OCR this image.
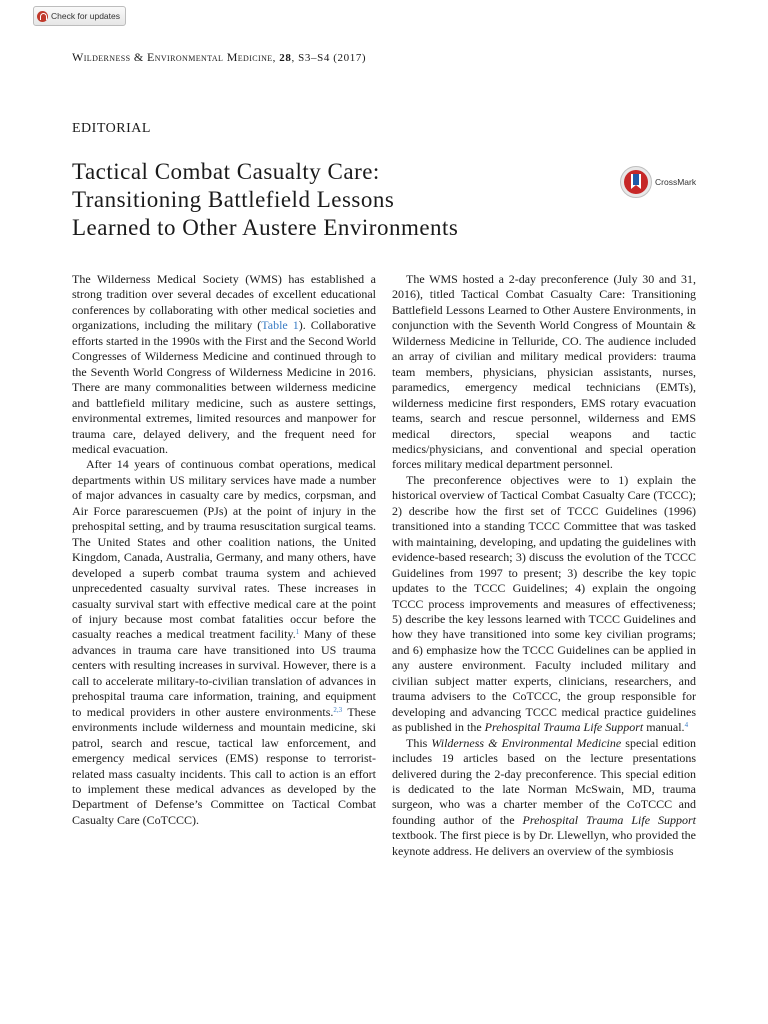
Check for updates
Wilderness & Environmental Medicine, 28, S3–S4 (2017)
EDITORIAL
Tactical Combat Casualty Care:
Transitioning Battlefield Lessons
Learned to Other Austere Environments
CrossMark

The Wilderness Medical Society (WMS) has established a strong tradition over several decades of excellent educational conferences by collaborating with other medical societies and organizations, including the military (Table 1). Collaborative efforts started in the 1990s with the First and the Second World Congresses of Wilderness Medicine and continued through to the Seventh World Congress of Wilderness Medicine in 2016. There are many commonalities between wilderness medicine and battlefield military medicine, such as austere settings, environmental extremes, limited resources and manpower for trauma care, delayed delivery, and the frequent need for medical evacuation.

After 14 years of continuous combat operations, medical departments within US military services have made a number of major advances in casualty care by medics, corpsman, and Air Force pararescuemen (PJs) at the point of injury in the prehospital setting, and by trauma resuscitation surgical teams. The United States and other coalition nations, the United Kingdom, Canada, Australia, Germany, and many others, have developed a superb combat trauma system and achieved unprecedented casualty survival rates. These increases in casualty survival start with effective medical care at the point of injury because most combat fatalities occur before the casualty reaches a medical treatment facility.$^1$ Many of these advances in trauma care have transitioned into US trauma centers with resulting increases in survival. However, there is a call to accelerate military-to-civilian translation of advances in prehospital trauma care information, training, and equipment to medical providers in other austere environments.$^{2,3}$ These environments include wilderness and mountain medicine, ski patrol, search and rescue, tactical law enforcement, and emergency medical services (EMS) response to terrorist-related mass casualty incidents. This call to action is an effort to implement these medical advances as developed by the Department of Defense’s Committee on Tactical Combat Casualty Care (CoTCCC).

The WMS hosted a 2-day preconference (July 30 and 31, 2016), titled Tactical Combat Casualty Care: Transitioning Battlefield Lessons Learned to Other Austere Environments, in conjunction with the Seventh World Congress of Mountain & Wilderness Medicine in Telluride, CO. The audience included an array of civilian and military medical providers: trauma team members, physicians, physician assistants, nurses, paramedics, emergency medical technicians (EMTs), wilderness medicine first responders, EMS rotary evacuation teams, search and rescue personnel, wilderness and EMS medical directors, special weapons and tactic medics/physicians, and conventional and special operation forces military medical department personnel.

The preconference objectives were to 1) explain the historical overview of Tactical Combat Casualty Care (TCCC); 2) describe how the first set of TCCC Guidelines (1996) transitioned into a standing TCCC Committee that was tasked with maintaining, developing, and updating the guidelines with evidence-based research; 3) discuss the evolution of the TCCC Guidelines from 1997 to present; 3) describe the key topic updates to the TCCC Guidelines; 4) explain the ongoing TCCC process improvements and measures of effectiveness; 5) describe the key lessons learned with TCCC Guidelines and how they have transitioned into some key civilian programs; and 6) emphasize how the TCCC Guidelines can be applied in any austere environment. Faculty included military and civilian subject matter experts, clinicians, researchers, and trauma advisers to the CoTCCC, the group responsible for developing and advancing TCCC medical practice guidelines as published in the Prehospital Trauma Life Support manual.$^4$

This Wilderness & Environmental Medicine special edition includes 19 articles based on the lecture presentations delivered during the 2-day preconference. This special edition is dedicated to the late Norman McSwain, MD, trauma surgeon, who was a charter member of the CoTCCC and founding author of the Prehospital Trauma Life Support textbook. The first piece is by Dr. Llewellyn, who provided the keynote address. He delivers an overview of the symbiosis
